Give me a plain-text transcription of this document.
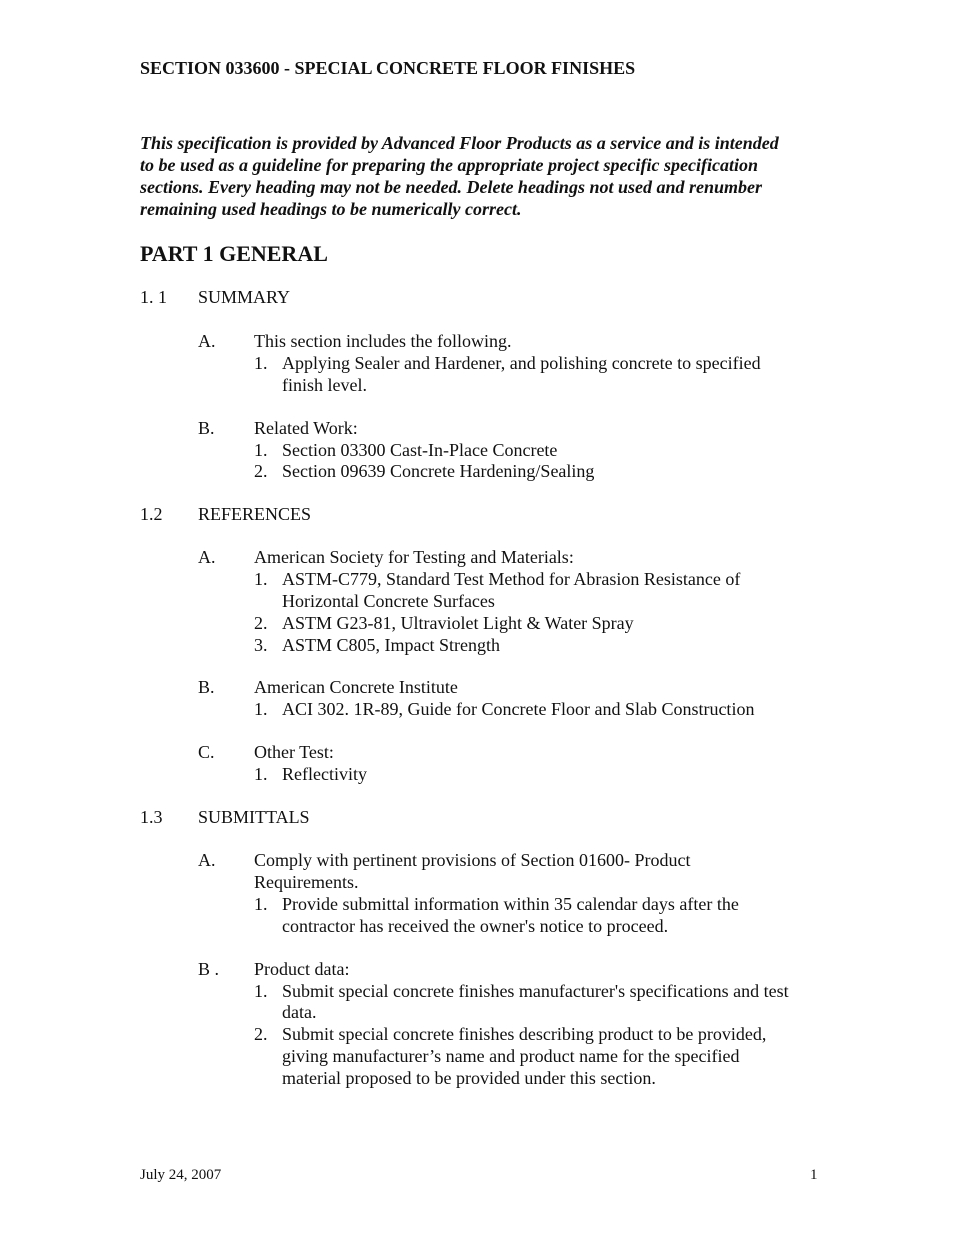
SECTION 033600 - SPECIAL CONCRETE FLOOR FINISHES
This specification is provided by Advanced Floor Products as a service and is intended
to be used as a guideline for preparing the appropriate project specific specification
sections. Every heading may not be needed. Delete headings not used and renumber
remaining used headings to be numerically correct.
PART 1 GENERAL
1. 1 SUMMARY
A. This section includes the following.
1. Applying Sealer and Hardener, and polishing concrete to specified
finish level.
B. Related Work:
1. Section 03300 Cast-In-Place Concrete
2. Section 09639 Concrete Hardening/Sealing
1.2 REFERENCES
A. American Society for Testing and Materials:
1. ASTM-C779, Standard Test Method for Abrasion Resistance of
Horizontal Concrete Surfaces
2. ASTM G23-81, Ultraviolet Light & Water Spray
3. ASTM C805, Impact Strength
B. American Concrete Institute
1. ACI 302. 1R-89, Guide for Concrete Floor and Slab Construction
C. Other Test:
1. Reflectivity
1.3 SUBMITTALS
A. Comply with pertinent provisions of Section 01600- Product
Requirements.
1. Provide submittal information within 35 calendar days after the
contractor has received the owner's notice to proceed.
B . Product data:
1. Submit special concrete finishes manufacturer's specifications and test
data.
2. Submit special concrete finishes describing product to be provided,
giving manufacturer’s name and product name for the specified
material proposed to be provided under this section.
July 24, 2007	1
